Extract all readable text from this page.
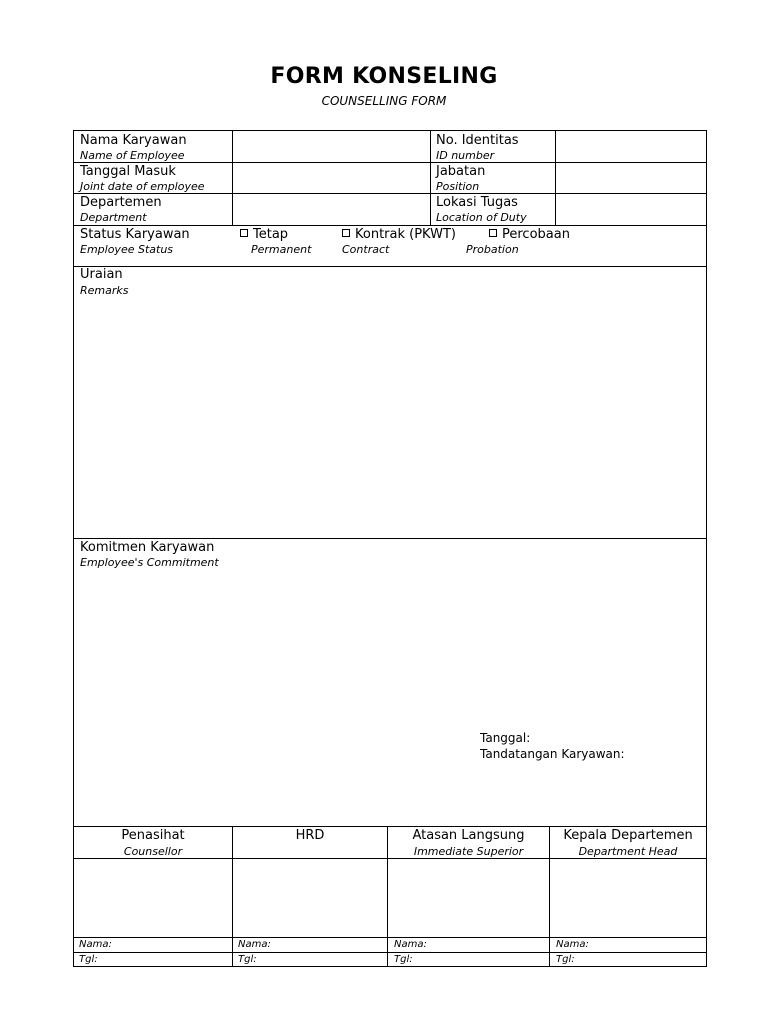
FORM KONSELING
COUNSELLING FORM
Nama Karyawan
Name of Employee
No. Identitas
ID number
Tanggal Masuk
Joint date of employee
Jabatan
Position
Departemen
Department
Lokasi Tugas
Location of Duty
Status Karyawan
Employee Status
Tetap
Permanent
Kontrak (PKWT)
Contract
Percobaan
Probation
Uraian
Remarks
Komitmen Karyawan
Employee's Commitment
Tanggal:
Tandatangan Karyawan:
Penasihat
Counsellor
HRD	Atasan Langsung
Immediate Superior
Kepala Departemen
Department Head
Nama:
Tgl:
Nama:
Tgl:
Nama:
Tgl:
Nama:
Tgl:
